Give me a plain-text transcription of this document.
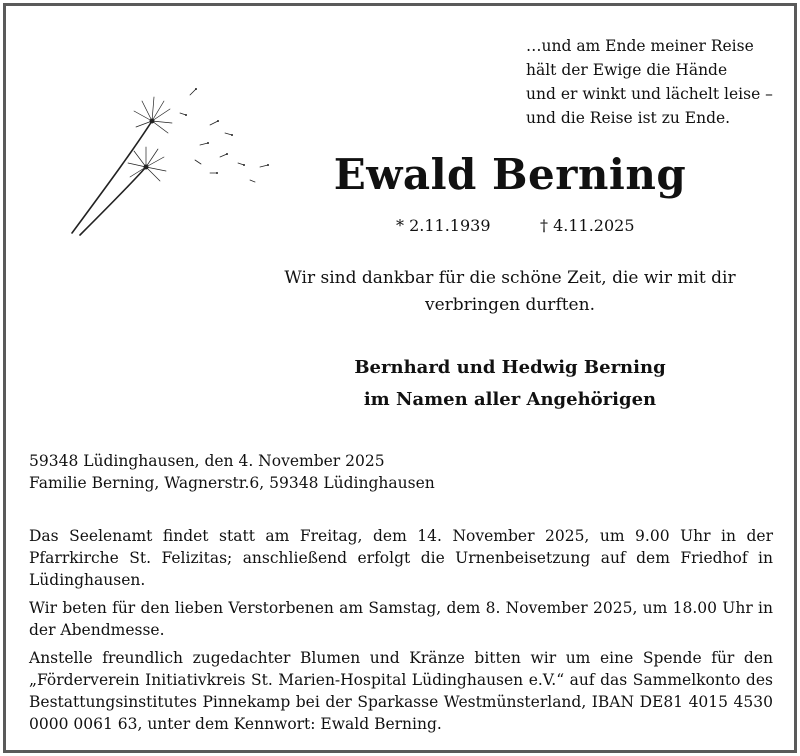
…und am Ende meiner Reise
hält der Ewige die Hände
und er winkt und lächelt leise –
und die Reise ist zu Ende.
Ewald Berning
* 2.11.1939	† 4.11.2025
Wir sind dankbar für die schöne Zeit, die wir mit dir
verbringen durften.
Bernhard und Hedwig Berning
im Namen aller Angehörigen
59348 Lüdinghausen, den 4. November 2025
Familie Berning, Wagnerstr.6, 59348 Lüdinghausen

Das Seelenamt findet statt am Freitag, dem 14. November 2025, um 9.00 Uhr in der Pfarrkirche St. Felizitas; anschließend erfolgt die Urnenbeisetzung auf dem Friedhof in Lüdinghausen.

Wir beten für den lieben Verstorbenen am Samstag, dem 8. November 2025, um 18.00 Uhr in der Abendmesse.

Anstelle freundlich zugedachter Blumen und Kränze bitten wir um eine Spende für den „Förderverein Initiativkreis St. Marien-Hospital Lüdinghausen e.V.“ auf das Sammelkonto des Bestattungsinstitutes Pinnekamp bei der Sparkasse Westmünsterland, IBAN DE81 4015 4530 0000 0061 63, unter dem Kennwort: Ewald Berning.
